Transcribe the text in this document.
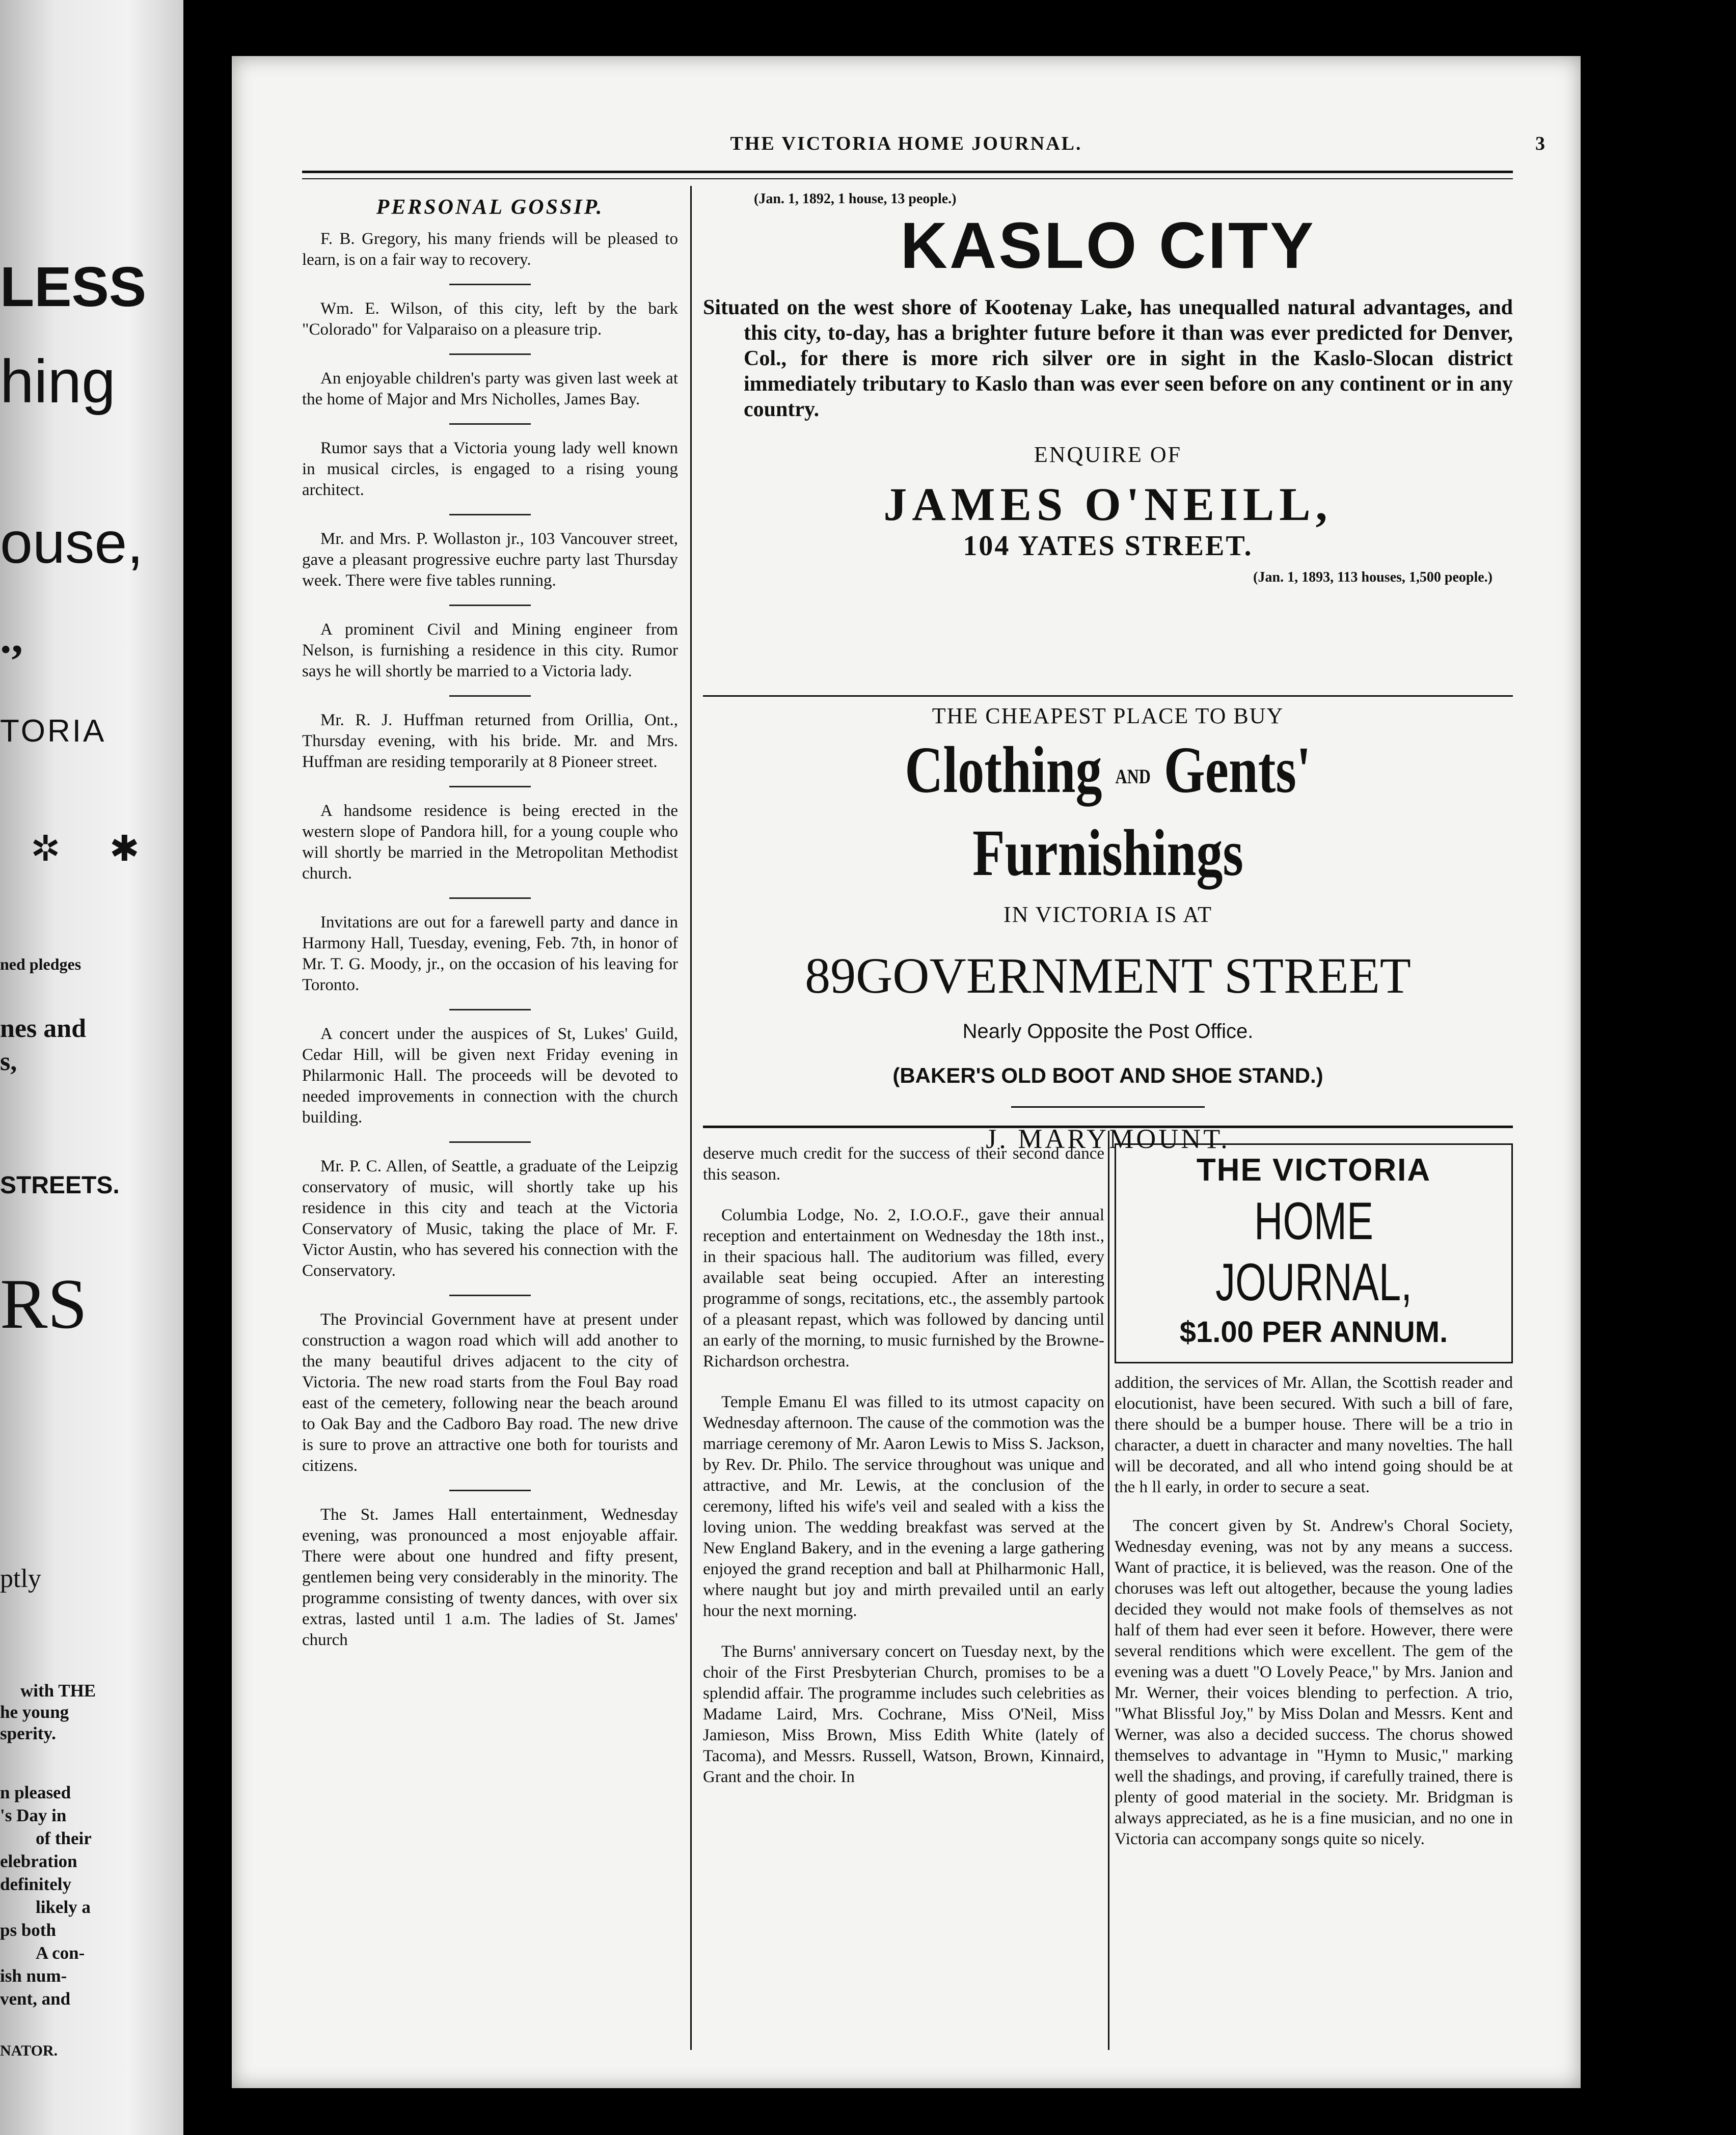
LESS
hing
ouse,
.,
TORIA
✲ ✱
ned pledges
nes and
s,
STREETS.
RS
ptly
with THE
he young
sperity.
n pleased
's Day in
of their
elebration
definitely
likely a
ps both
A con-
ish num-
vent, and
NATOR.
THE VICTORIA HOME JOURNAL.	3
PERSONAL GOSSIP.

F. B. Gregory, his many friends will be pleased to learn, is on a fair way to recovery.

Wm. E. Wilson, of this city, left by the bark "Colorado" for Valparaiso on a pleasure trip.

An enjoyable children's party was given last week at the home of Major and Mrs Nicholles, James Bay.

Rumor says that a Victoria young lady well known in musical circles, is engaged to a rising young architect.

Mr. and Mrs. P. Wollaston jr., 103 Vancouver street, gave a pleasant progressive euchre party last Thursday week. There were five tables running.

A prominent Civil and Mining engineer from Nelson, is furnishing a residence in this city. Rumor says he will shortly be married to a Victoria lady.

Mr. R. J. Huffman returned from Orillia, Ont., Thursday evening, with his bride. Mr. and Mrs. Huffman are residing temporarily at 8 Pioneer street.

A handsome residence is being erected in the western slope of Pandora hill, for a young couple who will shortly be married in the Metropolitan Methodist church.

Invitations are out for a farewell party and dance in Harmony Hall, Tuesday, evening, Feb. 7th, in honor of Mr. T. G. Moody, jr., on the occasion of his leaving for Toronto.

A concert under the auspices of St, Lukes' Guild, Cedar Hill, will be given next Friday evening in Philarmonic Hall. The proceeds will be devoted to needed improvements in connection with the church building.

Mr. P. C. Allen, of Seattle, a graduate of the Leipzig conservatory of music, will shortly take up his residence in this city and teach at the Victoria Conservatory of Music, taking the place of Mr. F. Victor Austin, who has severed his connection with the Conservatory.

The Provincial Government have at present under construction a wagon road which will add another to the many beautiful drives adjacent to the city of Victoria. The new road starts from the Foul Bay road east of the cemetery, following near the beach around to Oak Bay and the Cadboro Bay road. The new drive is sure to prove an attractive one both for tourists and citizens.

The St. James Hall entertainment, Wednesday evening, was pronounced a most enjoyable affair. There were about one hundred and fifty present, gentlemen being very considerably in the minority. The programme consisting of twenty dances, with over six extras, lasted until 1 a.m. The ladies of St. James' church

(Jan. 1, 1892, 1 house, 13 people.)
KASLO CITY

Situated on the west shore of Kootenay Lake, has unequalled natural advantages, and this city, to-day, has a brighter future before it than was ever predicted for Denver, Col., for there is more rich silver ore in sight in the Kaslo-Slocan district immediately tributary to Kaslo than was ever seen before on any continent or in any country.

ENQUIRE OF
JAMES O'NEILL,
104 YATES STREET.
(Jan. 1, 1893, 113 houses, 1,500 people.)
THE CHEAPEST PLACE TO BUY
Clothing AND Gents' Furnishings
IN VICTORIA IS AT
89GOVERNMENT STREET
Nearly Opposite the Post Office.
(BAKER'S OLD BOOT AND SHOE STAND.)
J. MARYMOUNT.

deserve much credit for the success of their second dance this season.

Columbia Lodge, No. 2, I.O.O.F., gave their annual reception and entertainment on Wednesday the 18th inst., in their spacious hall. The auditorium was filled, every available seat being occupied. After an interesting programme of songs, recitations, etc., the assembly partook of a pleasant repast, which was followed by dancing until an early of the morning, to music furnished by the Browne-Richardson orchestra.

Temple Emanu El was filled to its utmost capacity on Wednesday afternoon. The cause of the commotion was the marriage ceremony of Mr. Aaron Lewis to Miss S. Jackson, by Rev. Dr. Philo. The service throughout was unique and attractive, and Mr. Lewis, at the conclusion of the ceremony, lifted his wife's veil and sealed with a kiss the loving union. The wedding breakfast was served at the New England Bakery, and in the evening a large gathering enjoyed the grand reception and ball at Philharmonic Hall, where naught but joy and mirth prevailed until an early hour the next morning.

The Burns' anniversary concert on Tuesday next, by the choir of the First Presbyterian Church, promises to be a splendid affair. The programme includes such celebrities as Madame Laird, Mrs. Cochrane, Miss O'Neil, Miss Jamieson, Miss Brown, Miss Edith White (lately of Tacoma), and Messrs. Russell, Watson, Brown, Kinnaird, Grant and the choir. In

THE VICTORIA
HOME JOURNAL,
$1.00 PER ANNUM.

addition, the services of Mr. Allan, the Scottish reader and elocutionist, have been secured. With such a bill of fare, there should be a bumper house. There will be a trio in character, a duett in character and many novelties. The hall will be decorated, and all who intend going should be at the h ll early, in order to secure a seat.

The concert given by St. Andrew's Choral Society, Wednesday evening, was not by any means a success. Want of practice, it is believed, was the reason. One of the choruses was left out altogether, because the young ladies decided they would not make fools of themselves as not half of them had ever seen it before. However, there were several renditions which were excellent. The gem of the evening was a duett "O Lovely Peace," by Mrs. Janion and Mr. Werner, their voices blending to perfection. A trio, "What Blissful Joy," by Miss Dolan and Messrs. Kent and Werner, was also a decided success. The chorus showed themselves to advantage in "Hymn to Music," marking well the shadings, and proving, if carefully trained, there is plenty of good material in the society. Mr. Bridgman is always appreciated, as he is a fine musician, and no one in Victoria can accompany songs quite so nicely.
